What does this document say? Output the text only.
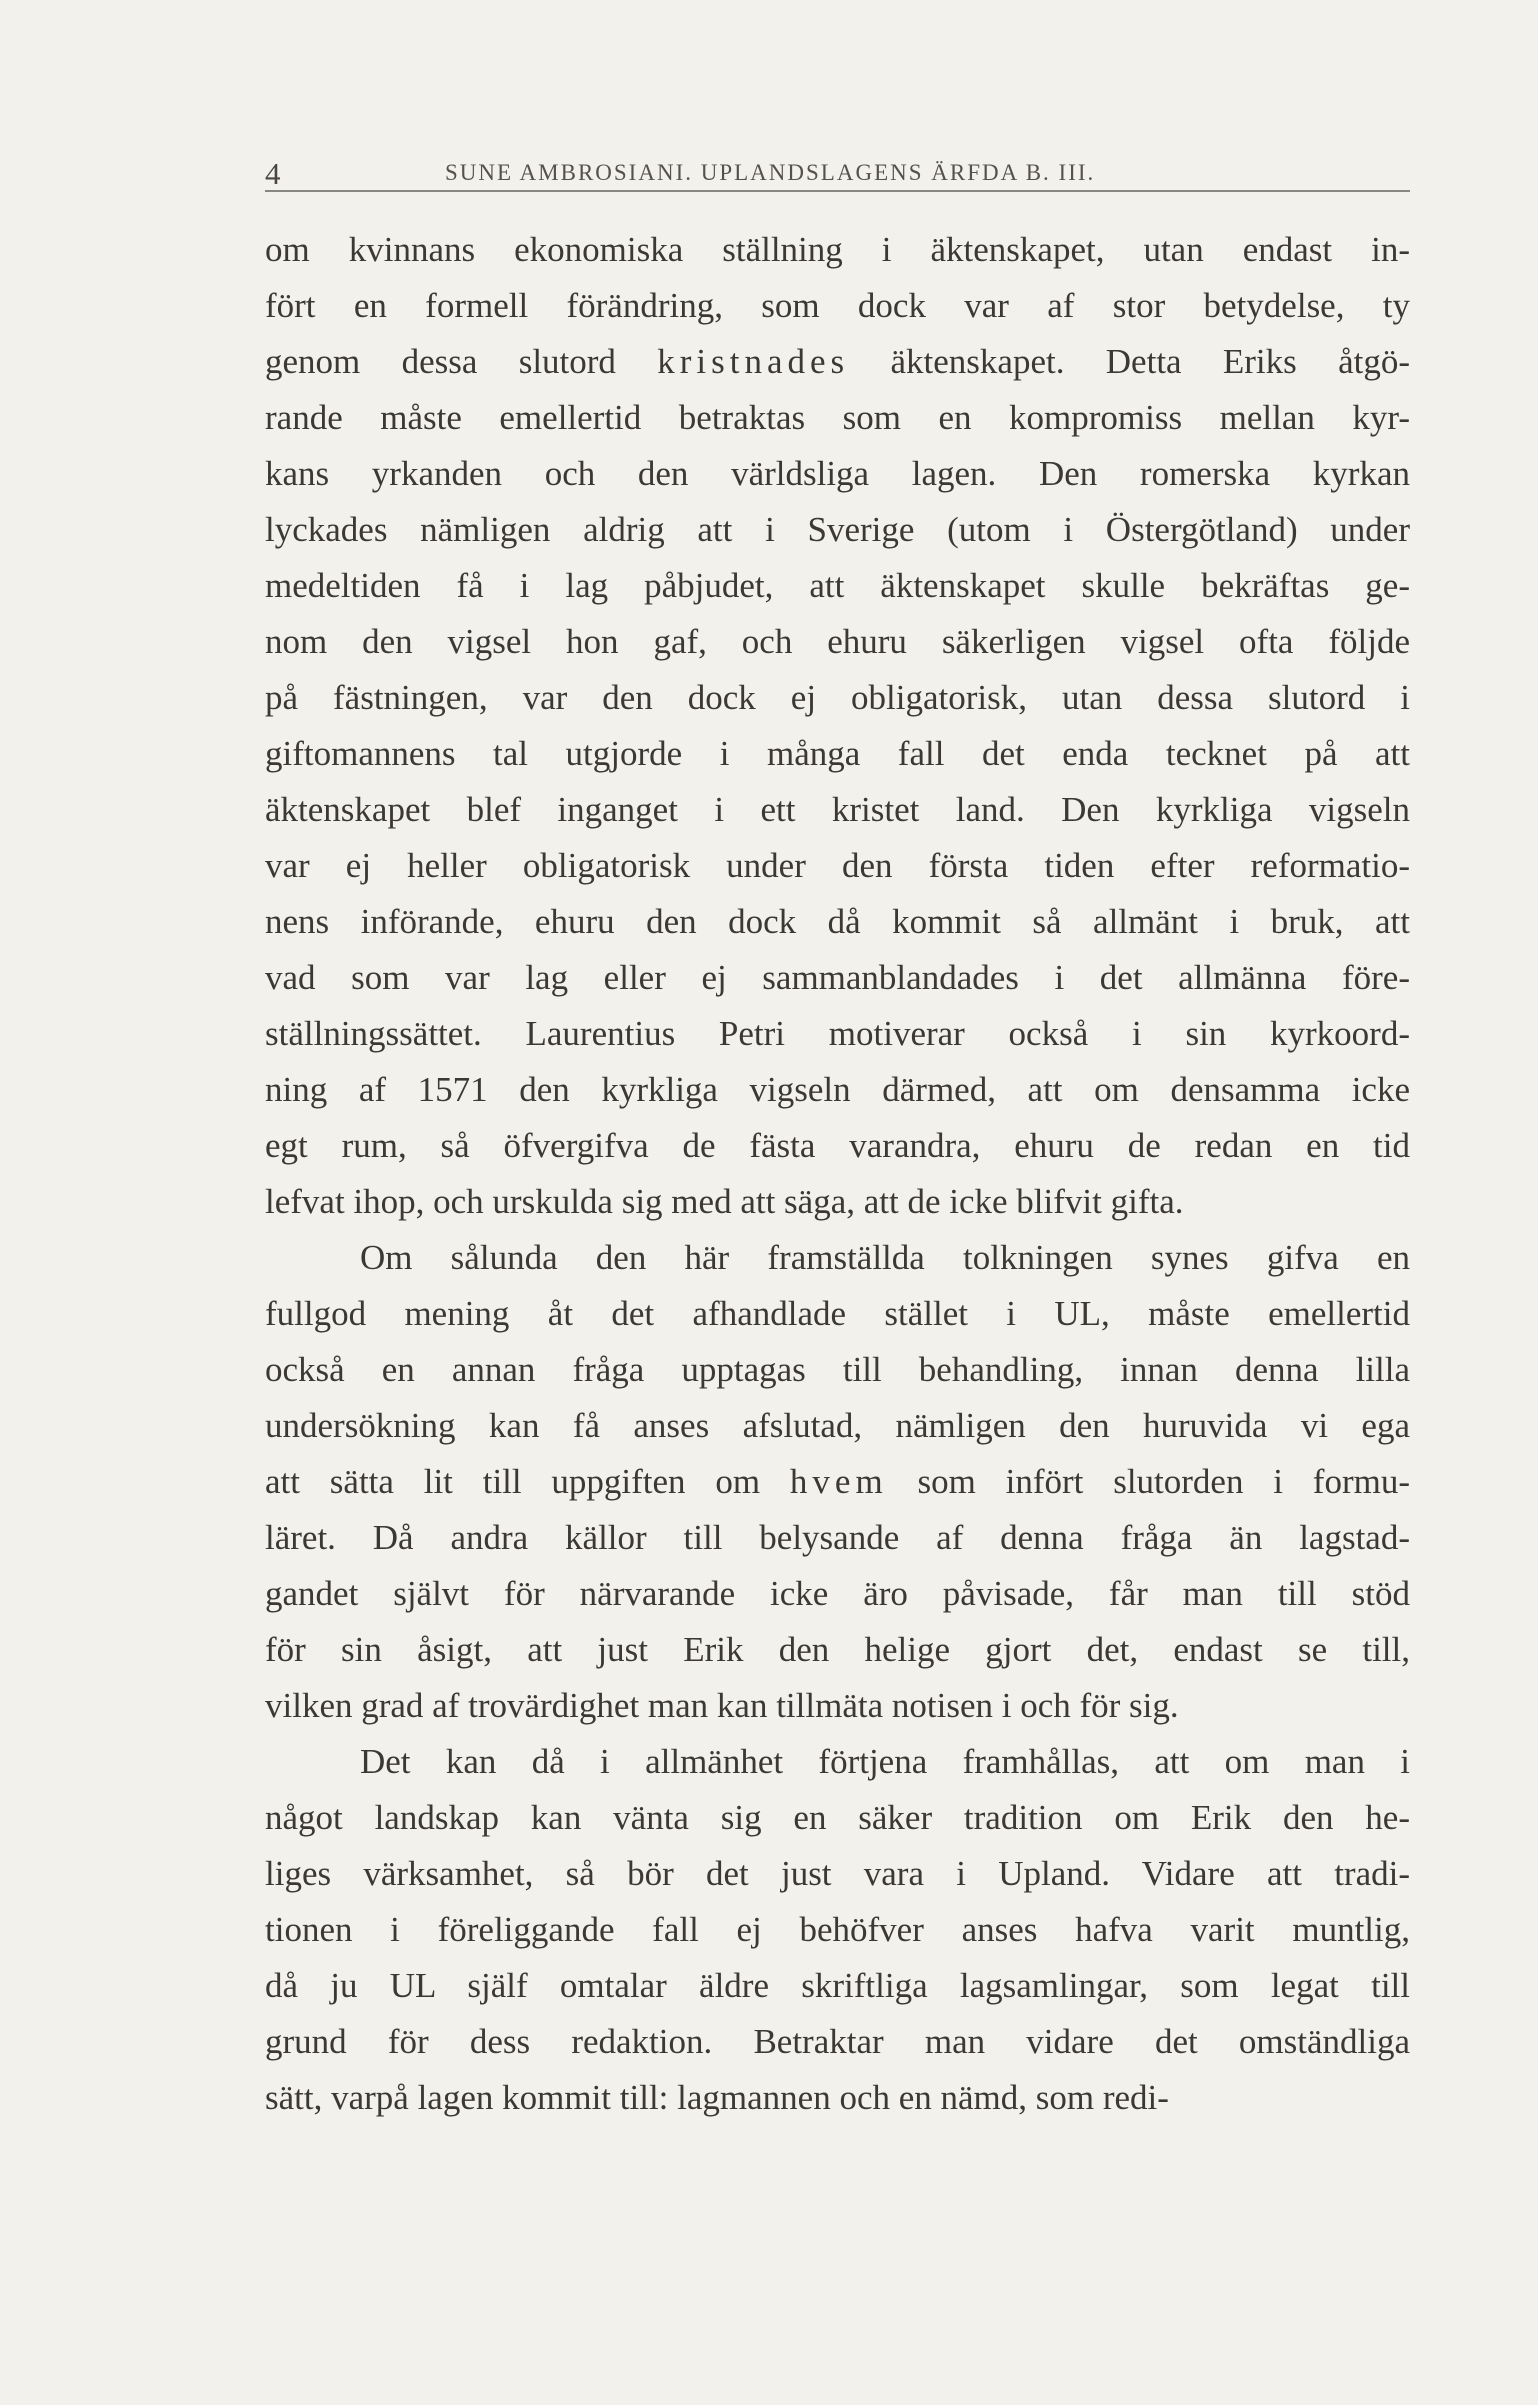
4	SUNE AMBROSIANI. UPLANDSLAGENS ÄRFDA B. III.
om kvinnans ekonomiska ställning i äktenskapet, utan endast in-
fört en formell förändring, som dock var af stor betydelse, ty
genom dessa slutord kristnades äktenskapet. Detta Eriks åtgö-
rande måste emellertid betraktas som en kompromiss mellan kyr-
kans yrkanden och den världsliga lagen. Den romerska kyrkan
lyckades nämligen aldrig att i Sverige (utom i Östergötland) under
medeltiden få i lag påbjudet, att äktenskapet skulle bekräftas ge-
nom den vigsel hon gaf, och ehuru säkerligen vigsel ofta följde
på fästningen, var den dock ej obligatorisk, utan dessa slutord i
giftomannens tal utgjorde i många fall det enda tecknet på att
äktenskapet blef inganget i ett kristet land. Den kyrkliga vigseln
var ej heller obligatorisk under den första tiden efter reformatio-
nens införande, ehuru den dock då kommit så allmänt i bruk, att
vad som var lag eller ej sammanblandades i det allmänna före-
ställningssättet. Laurentius Petri motiverar också i sin kyrkoord-
ning af 1571 den kyrkliga vigseln därmed, att om densamma icke
egt rum, så öfvergifva de fästa varandra, ehuru de redan en tid
lefvat ihop, och urskulda sig med att säga, att de icke blifvit gifta.
Om sålunda den här framställda tolkningen synes gifva en
fullgod mening åt det afhandlade stället i UL, måste emellertid
också en annan fråga upptagas till behandling, innan denna lilla
undersökning kan få anses afslutad, nämligen den huruvida vi ega
att sätta lit till uppgiften om hvem som infört slutorden i formu-
läret. Då andra källor till belysande af denna fråga än lagstad-
gandet självt för närvarande icke äro påvisade, får man till stöd
för sin åsigt, att just Erik den helige gjort det, endast se till,
vilken grad af trovärdighet man kan tillmäta notisen i och för sig.
Det kan då i allmänhet förtjena framhållas, att om man i
något landskap kan vänta sig en säker tradition om Erik den he-
liges värksamhet, så bör det just vara i Upland. Vidare att tradi-
tionen i föreliggande fall ej behöfver anses hafva varit muntlig,
då ju UL själf omtalar äldre skriftliga lagsamlingar, som legat till
grund för dess redaktion. Betraktar man vidare det omständliga
sätt, varpå lagen kommit till: lagmannen och en nämd, som redi-
